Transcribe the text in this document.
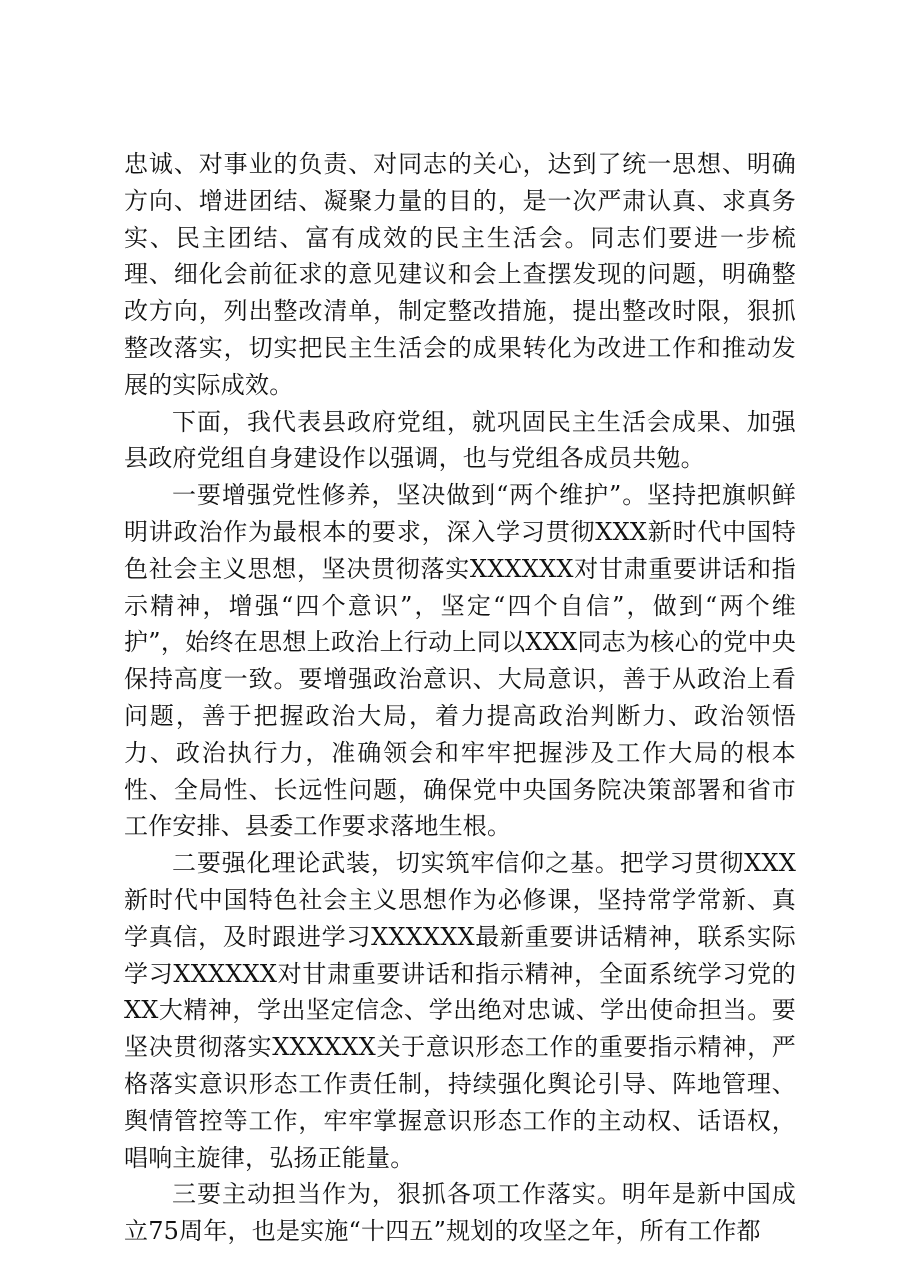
忠诚、对事业的负责、对同志的关心，达到了统一思想、明确方向、增进团结、凝聚力量的目的，是一次严肃认真、求真务实、民主团结、富有成效的民主生活会。同志们要进一步梳理、细化会前征求的意见建议和会上查摆发现的问题，明确整改方向，列出整改清单，制定整改措施，提出整改时限，狠抓整改落实，切实把民主生活会的成果转化为改进工作和推动发展的实际成效。

下面，我代表县政府党组，就巩固民主生活会成果、加强县政府党组自身建设作以强调，也与党组各成员共勉。

一要增强党性修养，坚决做到“两个维护”。坚持把旗帜鲜明讲政治作为最根本的要求，深入学习贯彻XXX新时代中国特色社会主义思想，坚决贯彻落实XXXXXX对甘肃重要讲话和指示精神，增强“四个意识”，坚定“四个自信”，做到“两个维护”，始终在思想上政治上行动上同以XXX同志为核心的党中央保持高度一致。要增强政治意识、大局意识，善于从政治上看问题，善于把握政治大局，着力提高政治判断力、政治领悟力、政治执行力，准确领会和牢牢把握涉及工作大局的根本性、全局性、长远性问题，确保党中央国务院决策部署和省市工作安排、县委工作要求落地生根。

二要强化理论武装，切实筑牢信仰之基。把学习贯彻XXX新时代中国特色社会主义思想作为必修课，坚持常学常新、真学真信，及时跟进学习XXXXXX最新重要讲话精神，联系实际学习XXXXXX对甘肃重要讲话和指示精神，全面系统学习党的XX大精神，学出坚定信念、学出绝对忠诚、学出使命担当。要坚决贯彻落实XXXXXX关于意识形态工作的重要指示精神，严格落实意识形态工作责任制，持续强化舆论引导、阵地管理、舆情管控等工作，牢牢掌握意识形态工作的主动权、话语权，唱响主旋律，弘扬正能量。

三要主动担当作为，狠抓各项工作落实。明年是新中国成立75周年，也是实施“十四五”规划的攻坚之年，所有工作都
